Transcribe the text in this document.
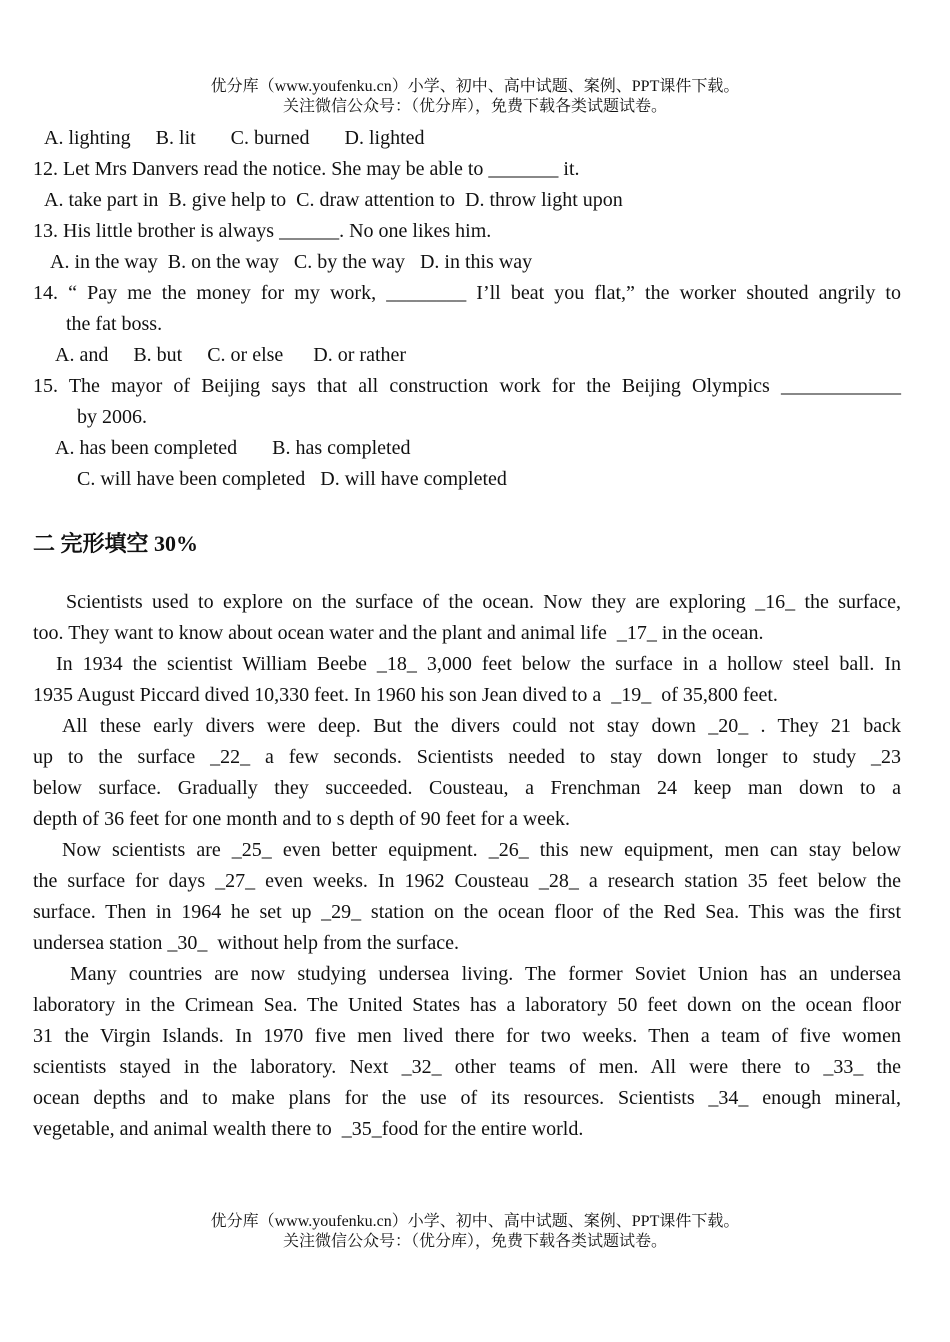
优分库（www.youfenku.cn）小学、初中、高中试题、案例、PPT课件下载。
关注微信公众号：（优分库），免费下载各类试题试卷。
A. lighting     B. lit       C. burned       D. lighted
12. Let Mrs Danvers read the notice. She may be able to _______ it.
A. take part in  B. give help to  C. draw attention to  D. throw light upon
13. His little brother is always ______. No one likes him.
A. in the way  B. on the way   C. by the way   D. in this way
14. “ Pay me the money for my work, ________ I’ll beat you flat,” the worker shouted angrily to
the fat boss.
A. and     B. but     C. or else      D. or rather
15. The mayor of Beijing says that all construction work for the Beijing Olympics ____________
by 2006.
A. has been completed       B. has completed
C. will have been completed   D. will have completed
二 完形填空 30%
Scientists used to explore on the surface of the ocean. Now they are exploring _16_ the surface,
too. They want to know about ocean water and the plant and animal life  _17_ in the ocean.
In 1934 the scientist William Beebe _18_ 3,000 feet below the surface in a hollow steel ball. In
1935 August Piccard dived 10,330 feet. In 1960 his son Jean dived to a  _19_  of 35,800 feet.
All these early divers were deep. But the divers could not stay down _20_ . They 21 back
up to the surface _22_ a few seconds. Scientists needed to stay down longer to study _23
below surface. Gradually they succeeded. Cousteau, a Frenchman 24 keep man down to a
depth of 36 feet for one month and to s depth of 90 feet for a week.
Now scientists are _25_ even better equipment. _26_ this new equipment, men can stay below
the surface for days _27_ even weeks. In 1962 Cousteau _28_ a research station 35 feet below the
surface. Then in 1964 he set up _29_ station on the ocean floor of the Red Sea. This was the first
undersea station _30_  without help from the surface.
Many countries are now studying undersea living. The former Soviet Union has an undersea
laboratory in the Crimean Sea. The United States has a laboratory 50 feet down on the ocean floor
31 the Virgin Islands. In 1970 five men lived there for two weeks. Then a team of five women
scientists stayed in the laboratory. Next _32_ other teams of men. All were there to _33_ the
ocean depths and to make plans for the use of its resources. Scientists _34_ enough mineral,
vegetable, and animal wealth there to  _35_food for the entire world.
优分库（www.youfenku.cn）小学、初中、高中试题、案例、PPT课件下载。
关注微信公众号：（优分库），免费下载各类试题试卷。
